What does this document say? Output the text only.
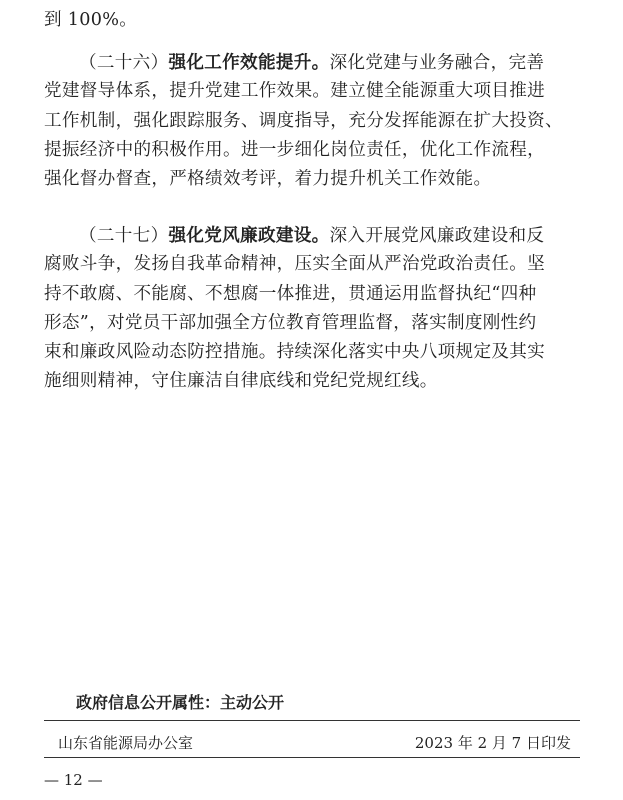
到 100%。
（二十六）强化工作效能提升。深化党建与业务融合，完善
党建督导体系，提升党建工作效果。建立健全能源重大项目推进
工作机制，强化跟踪服务、调度指导，充分发挥能源在扩大投资、
提振经济中的积极作用。进一步细化岗位责任，优化工作流程，
强化督办督查，严格绩效考评，着力提升机关工作效能。
（二十七）强化党风廉政建设。深入开展党风廉政建设和反
腐败斗争，发扬自我革命精神，压实全面从严治党政治责任。坚
持不敢腐、不能腐、不想腐一体推进，贯通运用监督执纪“四种
形态”，对党员干部加强全方位教育管理监督，落实制度刚性约
束和廉政风险动态防控措施。持续深化落实中央八项规定及其实
施细则精神，守住廉洁自律底线和党纪党规红线。

政府信息公开属性：主动公开

山东省能源局办公室	2023 年 2 月 7 日印发

— 12 —
